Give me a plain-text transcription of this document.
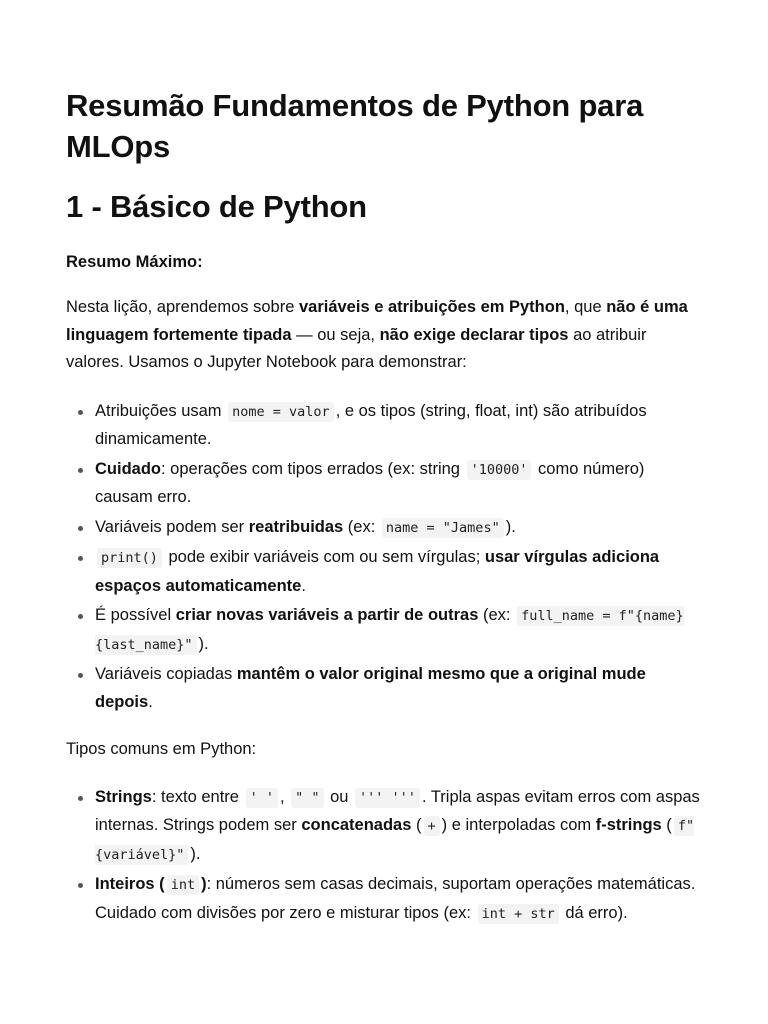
Resumão Fundamentos de Python para MLOps
1 - Básico de Python
Resumo Máximo:

Nesta lição, aprendemos sobre variáveis e atribuições em Python, que não é uma linguagem fortemente tipada — ou seja, não exige declarar tipos ao atribuir valores. Usamos o Jupyter Notebook para demonstrar:

Atribuições usam nome = valor , e os tipos (string, float, int) são atribuídos dinamicamente.
Cuidado: operações com tipos errados (ex: string '10000' como número) causam erro.
Variáveis podem ser reatribuidas (ex: name = "James" ).
print() pode exibir variáveis com ou sem vírgulas; usar vírgulas adiciona espaços automaticamente.
É possível criar novas variáveis a partir de outras (ex: full_name = f"{name} {last_name}" ).
Variáveis copiadas mantêm o valor original mesmo que a original mude depois.

Tipos comuns em Python:

Strings: texto entre ' ' , " " ou ''' ''' . Tripla aspas evitam erros com aspas internas. Strings podem ser concatenadas ( + ) e interpoladas com f-strings ( f"{variável}" ).
Inteiros ( int ): números sem casas decimais, suportam operações matemáticas. Cuidado com divisões por zero e misturar tipos (ex: int + str dá erro).
